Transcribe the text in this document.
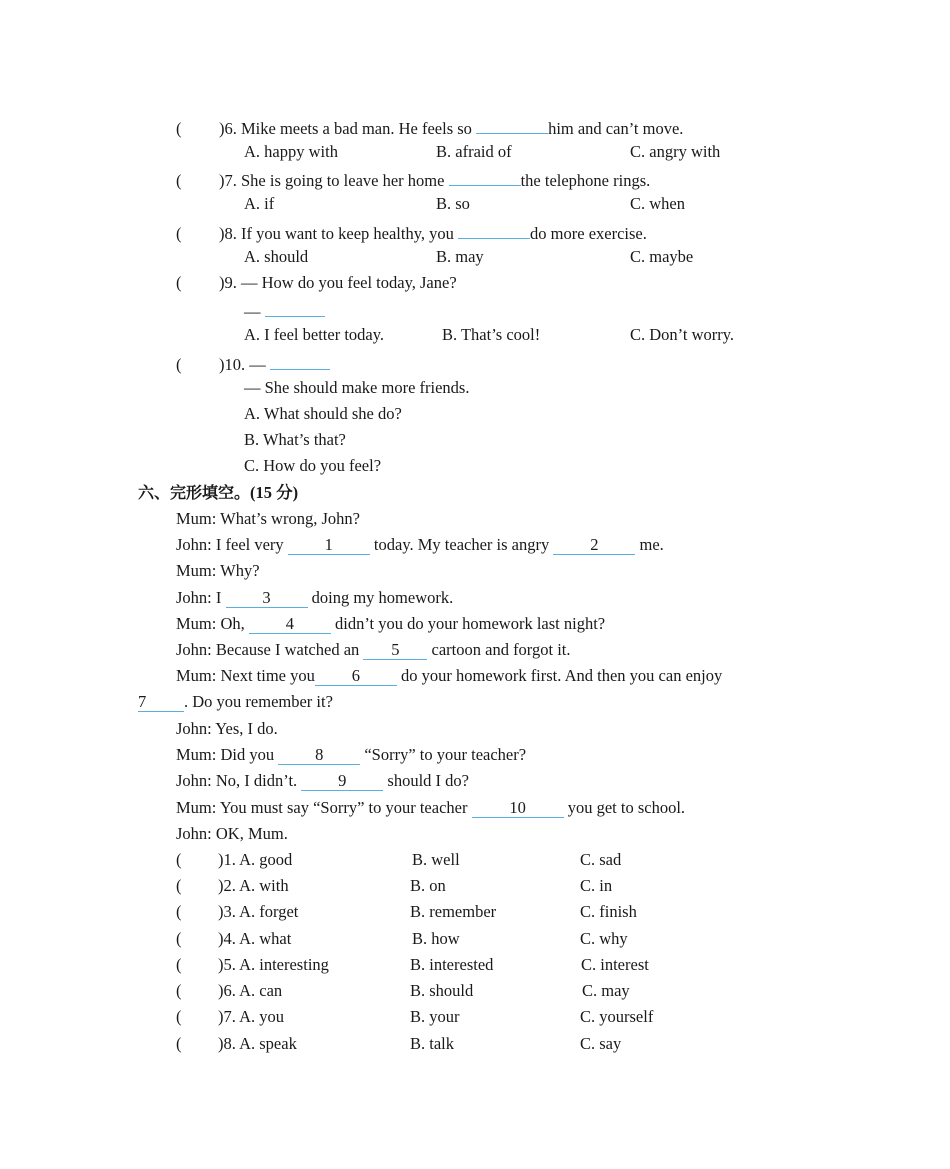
( )6. Mike meets a bad man. He feels so	him and can’t move.
A. happy with	B. afraid of	C. angry with
( )7. She is going to leave her home	the telephone rings.
A. if	B. so	C. when
( )8. If you want to keep healthy, you	do more exercise.
A. should	B. may	C. maybe
( )9. — How do you feel today, Jane?
—
A. I feel better today.	B. That’s cool!	C. Don’t worry.
( )10. —
— She should make more friends.
A. What should she do?
B. What’s that?
C. How do you feel?
六、完形填空。(15 分)
Mum: What’s wrong, John?
John: I feel very 1 today. My teacher is angry 2 me.
Mum: Why?
John: I 3 doing my homework.
Mum: Oh, 4 didn’t you do your homework last night?
John: Because I watched an 5 cartoon and forgot it.
Mum: Next time you 6 do your homework first. And then you can enjoy
7 . Do you remember it?
John: Yes, I do.
Mum: Did you 8 “Sorry” to your teacher?
John: No, I didn’t. 9 should I do?
Mum: You must say “Sorry” to your teacher 10 you get to school.
John: OK, Mum.
( )1. A. good	B. well	C. sad
( )2. A. with	B. on	C. in
( )3. A. forget	B. remember	C. finish
( )4. A. what	B. how	C. why
( )5. A. interesting	B. interested	C. interest
( )6. A. can	B. should	C. may
( )7. A. you	B. your	C. yourself
( )8. A. speak	B. talk	C. say
